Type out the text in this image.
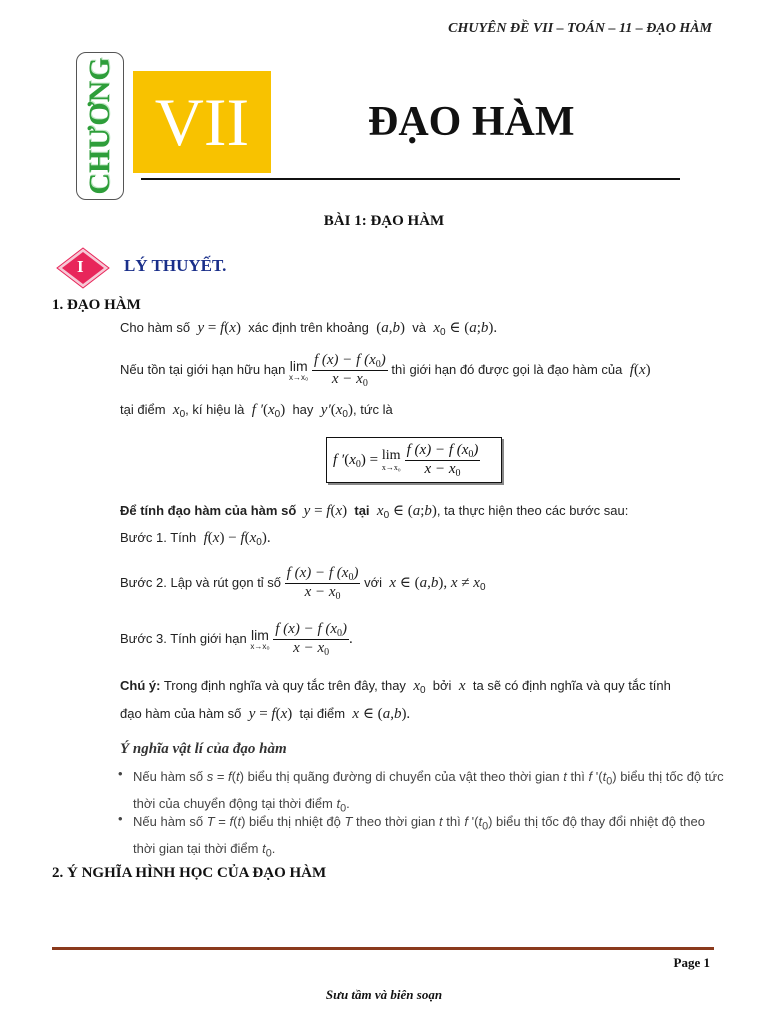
CHUYÊN ĐỀ VII – TOÁN – 11 – ĐẠO HÀM
CHƯƠNG VII	ĐẠO HÀM
BÀI 1: ĐẠO HÀM
I LÝ THUYẾT.
1. ĐẠO HÀM
Cho hàm số  y = f(x) xác định trên khoảng  (a,b) và  $x_0$ ∈ (a;b).
Nếu tồn tại giới hạn hữu hạn lim
x→x₀
$\frac{f (x) - f (x_0)}{x - x_0}$ thì giới hạn đó được gọi là đạo hàm của  f(x)
tại điểm  $x_0$, kí hiệu là  f $'(x_0)$ hay  $y'(x_0)$, tức là
f $'(x_0) = \lim$
x→x₀
$\frac{f (x) - f (x_0)}{x - x_0}$
Để tính đạo hàm của hàm số  y = f(x) tại  $x_0$ ∈ (a;b), ta thực hiện theo các bước sau:
Bước 1. Tính  $f(x) - f(x_0)$.
Bước 2. Lập và rút gọn tỉ số $\frac{f (x) - f (x_0)}{x - x_0}$ với  x ∈ (a,b), $x \ne x_0$
Bước 3. Tính giới hạn lim
x→x₀
$\frac{f (x) - f (x_0)}{x - x_0}$ .
Chú ý: Trong định nghĩa và quy tắc trên đây, thay  $x_0$ bởi  x  ta sẽ có định nghĩa và quy tắc tính
đạo hàm của hàm số  y = f(x) tại điểm  x ∈ (a,b).
Ý nghĩa vật lí của đạo hàm
• Nếu hàm số s = f(t) biểu thị quãng đường di chuyển của vật theo thời gian t thì f '$(t_0)$ biểu thị tốc độ tức thời của chuyển động tại thời điểm $t_0$.
• Nếu hàm số T = f(t) biểu thị nhiệt độ T theo thời gian t thì f '$(t_0)$ biểu thị tốc độ thay đổi nhiệt độ theo thời gian tại thời điểm $t_0$.
2. Ý NGHĨA HÌNH HỌC CỦA ĐẠO HÀM
Page 1
Sưu tầm và biên soạn
